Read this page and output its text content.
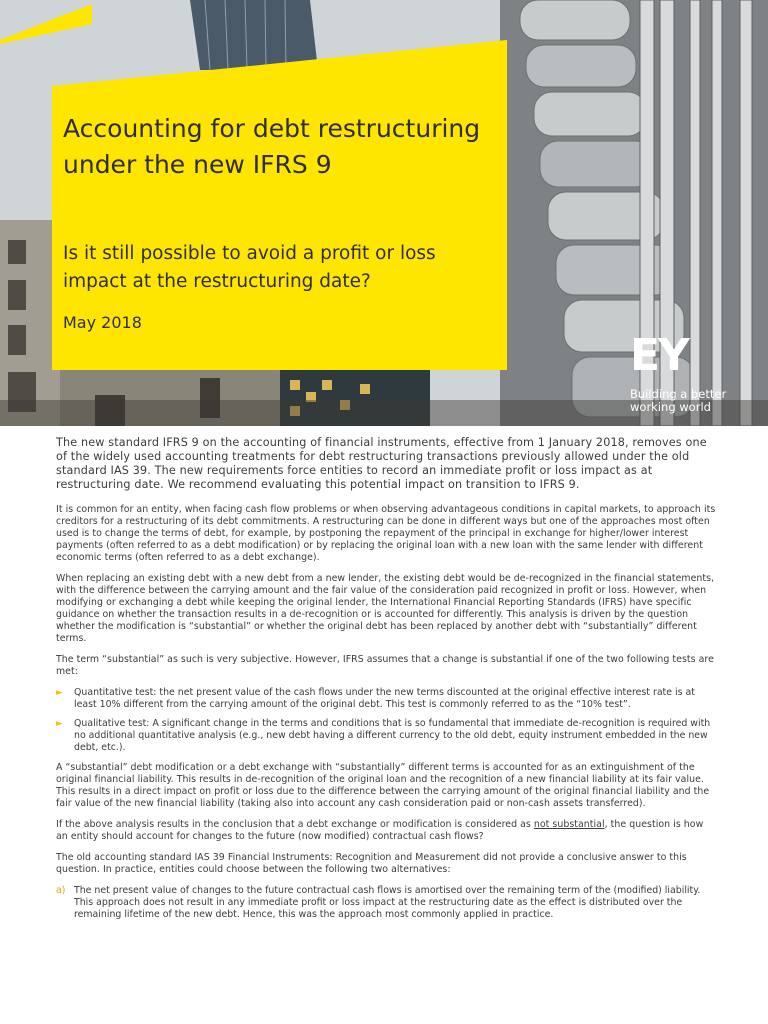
Accounting for debt restructuring under the new IFRS 9

Is it still possible to avoid a profit or loss impact at the restructuring date?

May 2018

EY
Building a better working world

The new standard IFRS 9 on the accounting of financial instruments, effective from 1 January 2018, removes one of the widely used accounting treatments for debt restructuring transactions previously allowed under the old standard IAS 39. The new requirements force entities to record an immediate profit or loss impact as at restructuring date. We recommend evaluating this potential impact on transition to IFRS 9.

It is common for an entity, when facing cash flow problems or when observing advantageous conditions in capital markets, to approach its creditors for a restructuring of its debt commitments. A restructuring can be done in different ways but one of the approaches most often used is to change the terms of debt, for example, by postponing the repayment of the principal in exchange for higher/lower interest payments (often referred to as a debt modification) or by replacing the original loan with a new loan with the same lender with different economic terms (often referred to as a debt exchange).

When replacing an existing debt with a new debt from a new lender, the existing debt would be de-recognized in the financial statements, with the difference between the carrying amount and the fair value of the consideration paid recognized in profit or loss. However, when modifying or exchanging a debt while keeping the original lender, the International Financial Reporting Standards (IFRS) have specific guidance on whether the transaction results in a de-recognition or is accounted for differently. This analysis is driven by the question whether the modification is “substantial” or whether the original debt has been replaced by another debt with “substantially” different terms.

The term “substantial” as such is very subjective. However, IFRS assumes that a change is substantial if one of the two following tests are met:

► Quantitative test: the net present value of the cash flows under the new terms discounted at the original effective interest rate is at least 10% different from the carrying amount of the original debt. This test is commonly referred to as the “10% test”.
► Qualitative test: A significant change in the terms and conditions that is so fundamental that immediate de-recognition is required with no additional quantitative analysis (e.g., new debt having a different currency to the old debt, equity instrument embedded in the new debt, etc.).

A “substantial” debt modification or a debt exchange with “substantially” different terms is accounted for as an extinguishment of the original financial liability. This results in de-recognition of the original loan and the recognition of a new financial liability at its fair value. This results in a direct impact on profit or loss due to the difference between the carrying amount of the original financial liability and the fair value of the new financial liability (taking also into account any cash consideration paid or non-cash assets transferred).

If the above analysis results in the conclusion that a debt exchange or modification is considered as not substantial, the question is how an entity should account for changes to the future (now modified) contractual cash flows?

The old accounting standard IAS 39 Financial Instruments: Recognition and Measurement did not provide a conclusive answer to this question. In practice, entities could choose between the following two alternatives:

a) The net present value of changes to the future contractual cash flows is amortised over the remaining term of the (modified) liability. This approach does not result in any immediate profit or loss impact at the restructuring date as the effect is distributed over the remaining lifetime of the new debt. Hence, this was the approach most commonly applied in practice.
